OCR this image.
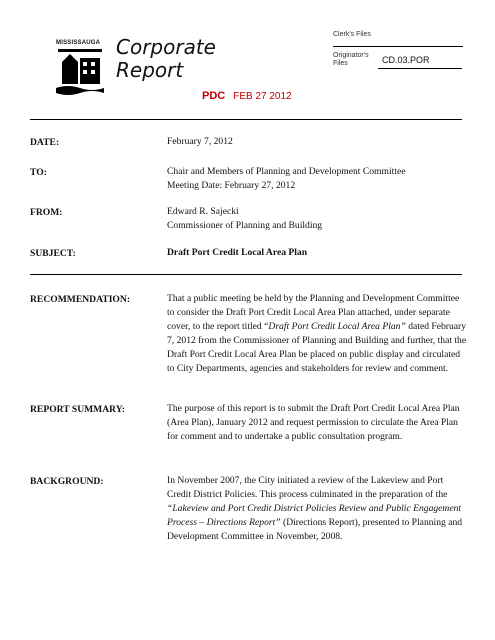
MISSISSAUGA Corporate
Report
Clerk's Files
Originator's
Files	CD.03.POR
PDC FEB 27 2012
DATE:	February 7, 2012
TO:	Chair and Members of Planning and Development Committee
Meeting Date: February 27, 2012
FROM:	Edward R. Sajecki
Commissioner of Planning and Building
SUBJECT:	Draft Port Credit Local Area Plan
RECOMMENDATION:	That a public meeting be held by the Planning and Development Committee to consider the Draft Port Credit Local Area Plan attached, under separate cover, to the report titled “Draft Port Credit Local Area Plan” dated February 7, 2012 from the Commissioner of Planning and Building and further, that the Draft Port Credit Local Area Plan be placed on public display and circulated to City Departments, agencies and stakeholders for review and comment.
REPORT SUMMARY:	The purpose of this report is to submit the Draft Port Credit Local Area Plan (Area Plan), January 2012 and request permission to circulate the Area Plan for comment and to undertake a public consultation program.
BACKGROUND:	In November 2007, the City initiated a review of the Lakeview and Port Credit District Policies. This process culminated in the preparation of the “Lakeview and Port Credit District Policies Review and Public Engagement Process – Directions Report” (Directions Report), presented to Planning and Development Committee in November, 2008.
